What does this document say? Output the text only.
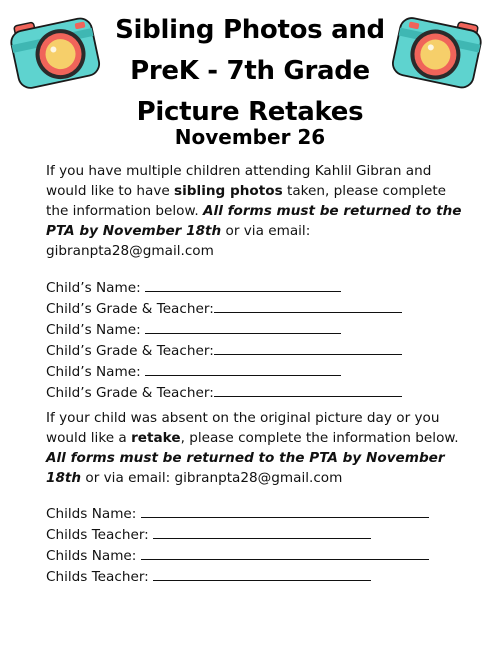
Sibling Photos and
PreK - 7th Grade
Picture Retakes
November 26

If you have multiple children attending Kahlil Gibran and would like to have sibling photos taken, please complete the information below. All forms must be returned to the PTA by November 18th or via email: gibranpta28@gmail.com

Child’s Name:
Child’s Grade & Teacher:
Child’s Name:
Child’s Grade & Teacher:
Child’s Name:
Child’s Grade & Teacher:

If your child was absent on the original picture day or you would like a retake, please complete the information below. All forms must be returned to the PTA by November 18th or via email: gibranpta28@gmail.com

Childs Name:
Childs Teacher:
Childs Name:
Childs Teacher:
